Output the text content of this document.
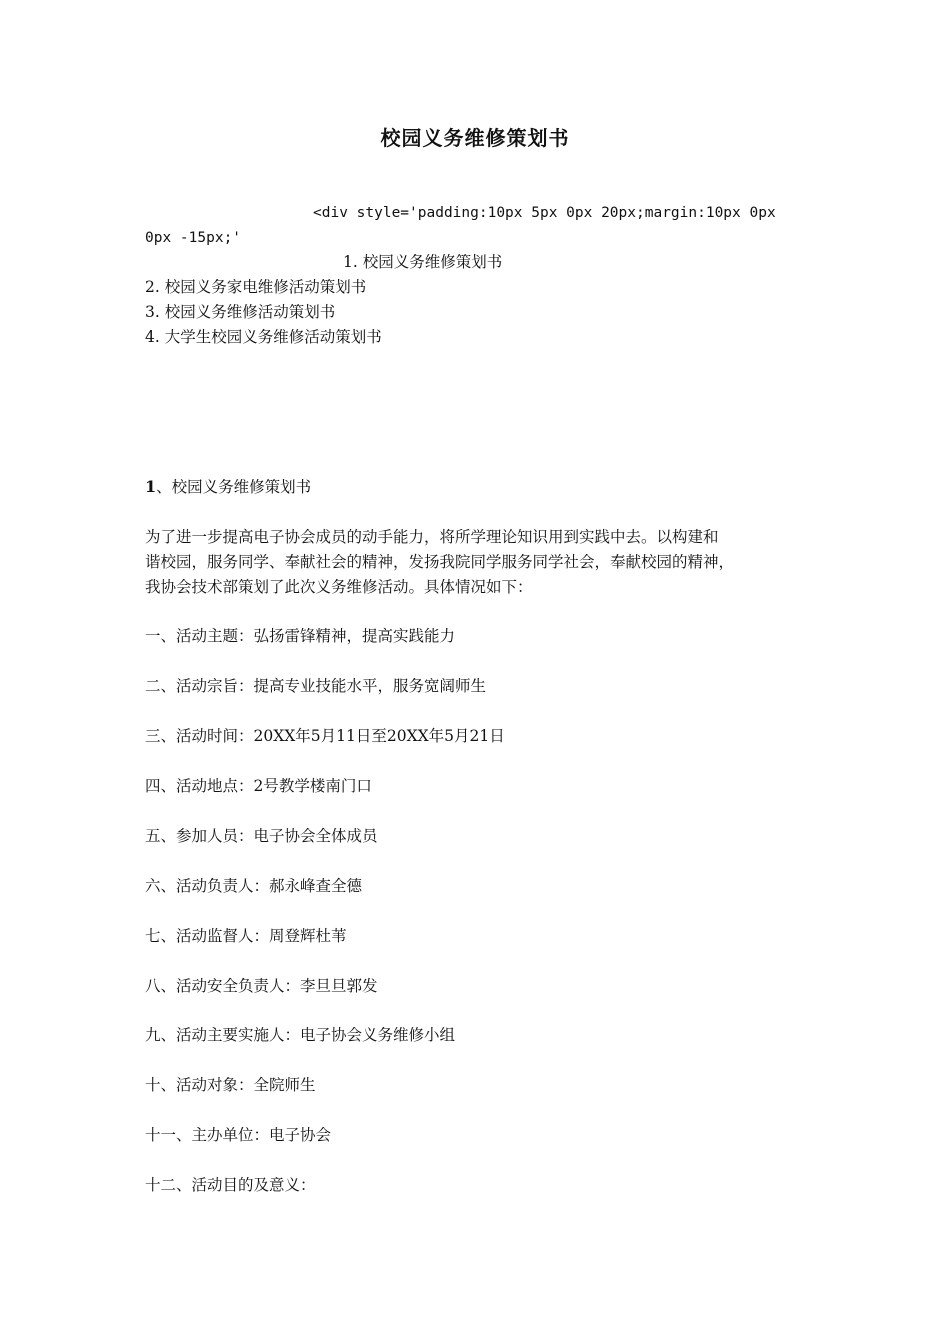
校园义务维修策划书
<div style='padding:10px 5px 0px 20px;margin:10px 0px
0px -15px;'
1. 校园义务维修策划书
2. 校园义务家电维修活动策划书
3. 校园义务维修活动策划书
4. 大学生校园义务维修活动策划书
1、校园义务维修策划书
为了进一步提高电子协会成员的动手能力，将所学理论知识用到实践中去。以构建和
谐校园，服务同学、奉献社会的精神，发扬我院同学服务同学社会，奉献校园的精神，
我协会技术部策划了此次义务维修活动。具体情况如下：
一、活动主题：弘扬雷锋精神，提高实践能力
二、活动宗旨：提高专业技能水平，服务宽阔师生
三、活动时间：20XX年5月11日至20XX年5月21日
四、活动地点：2号教学楼南门口
五、参加人员：电子协会全体成员
六、活动负责人：郝永峰查全德
七、活动监督人：周登辉杜苇
八、活动安全负责人：李旦旦郭发
九、活动主要实施人：电子协会义务维修小组
十、活动对象：全院师生
十一、主办单位：电子协会
十二、活动目的及意义：
